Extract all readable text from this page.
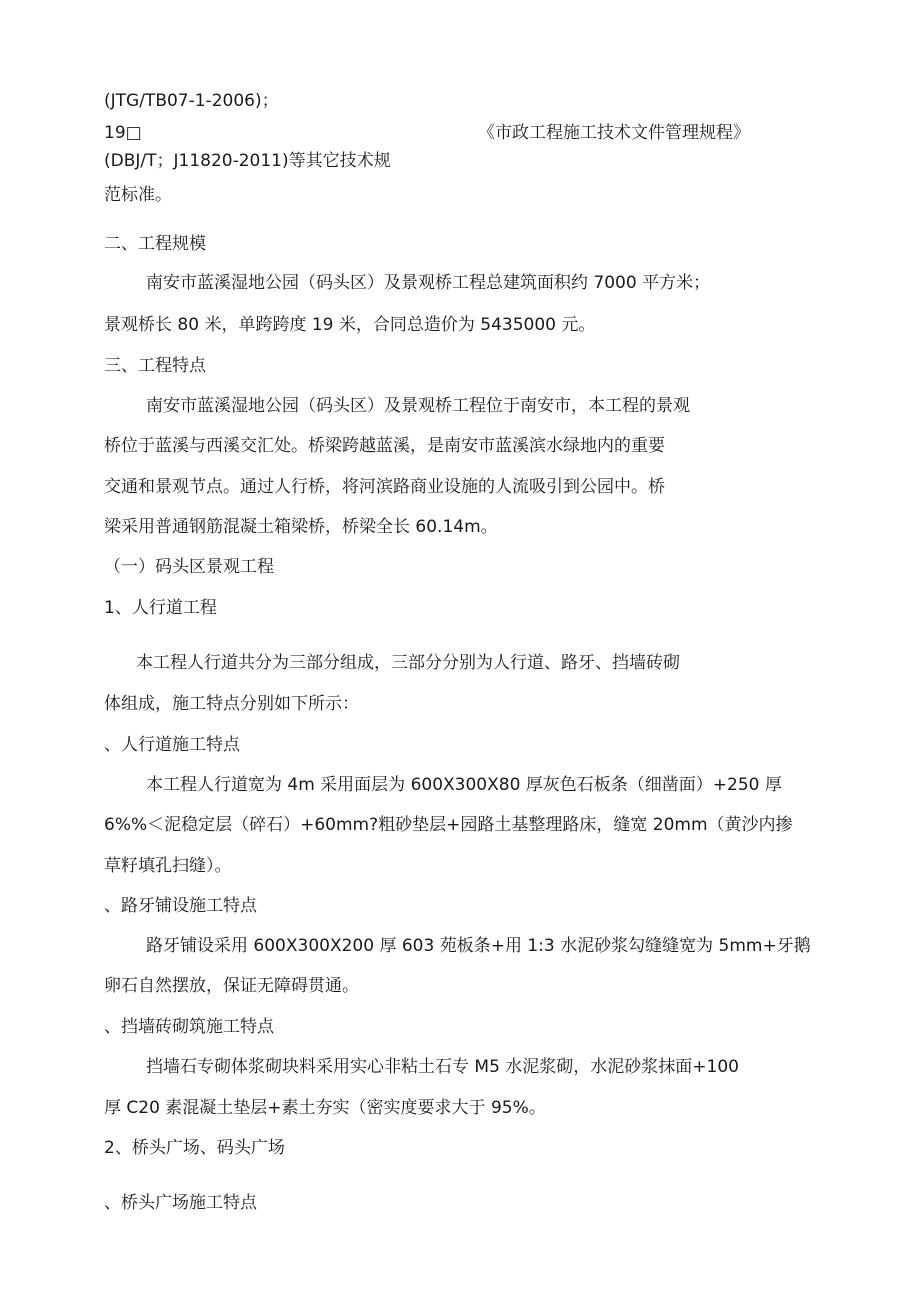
(JTG/TB07-1-2006)；
19□	《市政工程施工技术文件管理规程》
(DBJ/T；J11820-2011)等其它技术规
范标准。
二、工程规模
南安市蓝溪湿地公园（码头区）及景观桥工程总建筑面积约 7000 平方米；
景观桥长 80 米，单跨跨度 19 米，合同总造价为 5435000 元。
三、工程特点
南安市蓝溪湿地公园（码头区）及景观桥工程位于南安市，本工程的景观
桥位于蓝溪与西溪交汇处。桥梁跨越蓝溪，是南安市蓝溪滨水绿地内的重要
交通和景观节点。通过人行桥，将河滨路商业设施的人流吸引到公园中。桥
梁采用普通钢筋混凝土箱梁桥，桥梁全长 60.14m。
（一）码头区景观工程
1、人行道工程
本工程人行道共分为三部分组成，三部分分别为人行道、路牙、挡墙砖砌
体组成，施工特点分别如下所示：
、人行道施工特点
本工程人行道宽为 4m 采用面层为 600X300X80 厚灰色石板条（细凿面）+250 厚
6%%＜泥稳定层（碎石）+60mm?粗砂垫层+园路土基整理路床，缝宽 20mm（黄沙内掺
草籽填孔扫缝）。
、路牙铺设施工特点
路牙铺设采用 600X300X200 厚 603 苑板条+用 1:3 水泥砂浆勾缝缝宽为 5mm+牙鹅
卵石自然摆放，保证无障碍贯通。
、挡墙砖砌筑施工特点
挡墙石专砌体浆砌块料采用实心非粘土石专 M5 水泥浆砌，水泥砂浆抹面+100
厚 C20 素混凝土垫层+素土夯实（密实度要求大于 95%。
2、桥头广场、码头广场
、桥头广场施工特点
